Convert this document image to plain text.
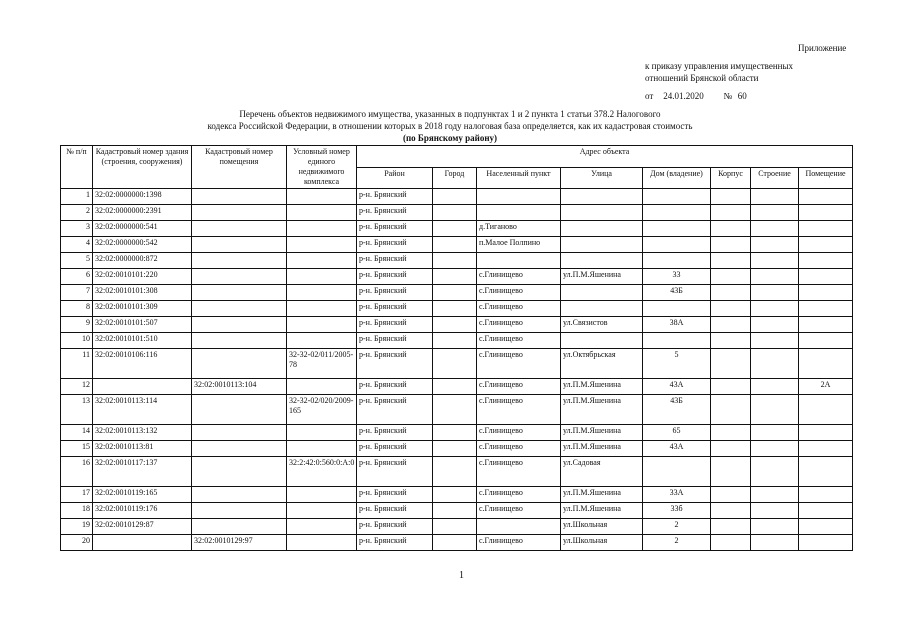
Приложение
к приказу управления имущественных
отношений Брянской области
от 24.01.2020 № 60
Перечень объектов недвижимого имущества, указанных в подпунктах 1 и 2 пункта 1 статьи 378.2 Налогового
кодекса Российской Федерации, в отношении которых в 2018 году налоговая база определяется, как их кадастровая стоимость
(по Брянскому району)
№ п/п	Кадастровый номер здания (строения, сооружения)	Кадастровый номер помещения	Условный номер единого недвижимого комплекса	Адрес объекта							
				Район	Город	Населенный пункт	Улица	Дом (владение)	Корпус	Строение	Помещение
1	32:02:0000000:1398			р-н. Брянский							
2	32:02:0000000:2391			р-н. Брянский							
3	32:02:0000000:541			р-н. Брянский		д.Тиганово					
4	32:02:0000000:542			р-н. Брянский		п.Малое Полпино					
5	32:02:0000000:872			р-н. Брянский							
6	32:02:0010101:220			р-н. Брянский		с.Глинищево	ул.П.М.Яшенина	33			
7	32:02:0010101:308			р-н. Брянский		с.Глинищево		43Б			
8	32:02:0010101:309			р-н. Брянский		с.Глинищево					
9	32:02:0010101:507			р-н. Брянский		с.Глинищево	ул.Связистов	38А			
10	32:02:0010101:510			р-н. Брянский		с.Глинищево					
11	32:02:0010106:116		32-32-02/011/2005-78	р-н. Брянский		с.Глинищево	ул.Октябрьская	5			
12		32:02:0010113:104		р-н. Брянский		с.Глинищево	ул.П.М.Яшенина	43А			2А
13	32:02:0010113:114		32-32-02/020/2009-165	р-н. Брянский		с.Глинищево	ул.П.М.Яшенина	43Б			
14	32:02:0010113:132			р-н. Брянский		с.Глинищево	ул.П.М.Яшенина	65			
15	32:02:0010113:81			р-н. Брянский		с.Глинищево	ул.П.М.Яшенина	43А			
16	32:02:0010117:137		32:2:42:0:560:0:А:0	р-н. Брянский		с.Глинищево	ул.Садовая				
17	32:02:0010119:165			р-н. Брянский		с.Глинищево	ул.П.М.Яшенина	33А			
18	32:02:0010119:176			р-н. Брянский		с.Глинищево	ул.П.М.Яшенина	33б			
19	32:02:0010129:87			р-н. Брянский			ул.Школьная	2			
20		32:02:0010129:97		р-н. Брянский		с.Глинищево	ул.Школьная	2			
1
